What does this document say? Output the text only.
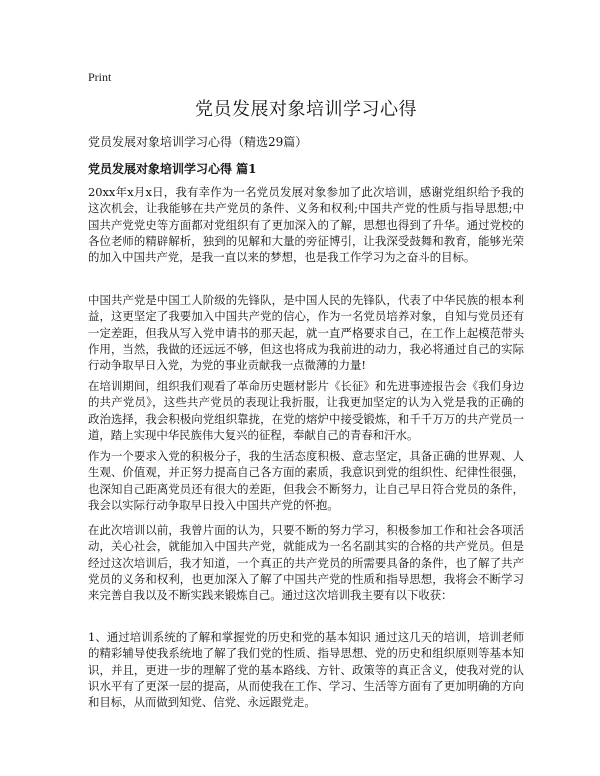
Print
党员发展对象培训学习心得

党员发展对象培训学习心得（精选29篇）

党员发展对象培训学习心得 篇1

20xx年x月x日，我有幸作为一名党员发展对象参加了此次培训，感谢党组织给予我的这次机会，让我能够在共产党员的条件、义务和权利;中国共产党的性质与指导思想;中国共产党党史等方面都对党组织有了更加深入的了解，思想也得到了升华。通过党校的各位老师的精辟解析，独到的见解和大量的旁征博引，让我深受鼓舞和教育，能够光荣的加入中国共产党，是我一直以来的梦想，也是我工作学习为之奋斗的目标。

中国共产党是中国工人阶级的先锋队，是中国人民的先锋队，代表了中华民族的根本利益，这更坚定了我要加入中国共产党的信心，作为一名党员培养对象，自知与党员还有一定差距，但我从写入党申请书的那天起，就一直严格要求自己，在工作上起模范带头作用，当然，我做的还远远不够，但这也将成为我前进的动力，我必将通过自己的实际行动争取早日入党，为党的事业贡献我一点微薄的力量!

在培训期间，组织我们观看了革命历史题材影片《长征》和先进事迹报告会《我们身边的共产党员》，这些共产党员的表现让我折服，让我更加坚定的认为入党是我的正确的政治选择，我会积极向党组织靠拢，在党的熔炉中接受锻炼，和千千万万的共产党员一道，踏上实现中华民族伟大复兴的征程，奉献自己的青春和汗水。

作为一个要求入党的积极分子，我的生活态度积极、意志坚定，具备正确的世界观、人生观、价值观，并正努力提高自己各方面的素质，我意识到党的组织性、纪律性很强，也深知自己距离党员还有很大的差距，但我会不断努力，让自己早日符合党员的条件，我会以实际行动争取早日投入中国共产党的怀抱。

在此次培训以前，我曾片面的认为，只要不断的努力学习，积极参加工作和社会各项活动，关心社会，就能加入中国共产党，就能成为一名名副其实的合格的共产党员。但是经过这次培训后，我才知道，一个真正的共产党员的所需要具备的条件，也了解了共产党员的义务和权利，也更加深入了解了中国共产党的性质和指导思想，我将会不断学习来完善自我以及不断实践来锻炼自己。通过这次培训我主要有以下收获：

1、通过培训系统的了解和掌握党的历史和党的基本知识 通过这几天的培训，培训老师的精彩辅导使我系统地了解了我们党的性质、指导思想、党的历史和组织原则等基本知识，并且，更进一步的理解了党的基本路线、方针、政策等的真正含义，使我对党的认识水平有了更深一层的提高，从而使我在工作、学习、生活等方面有了更加明确的方向和目标，从而做到知党、信党、永远跟党走。
